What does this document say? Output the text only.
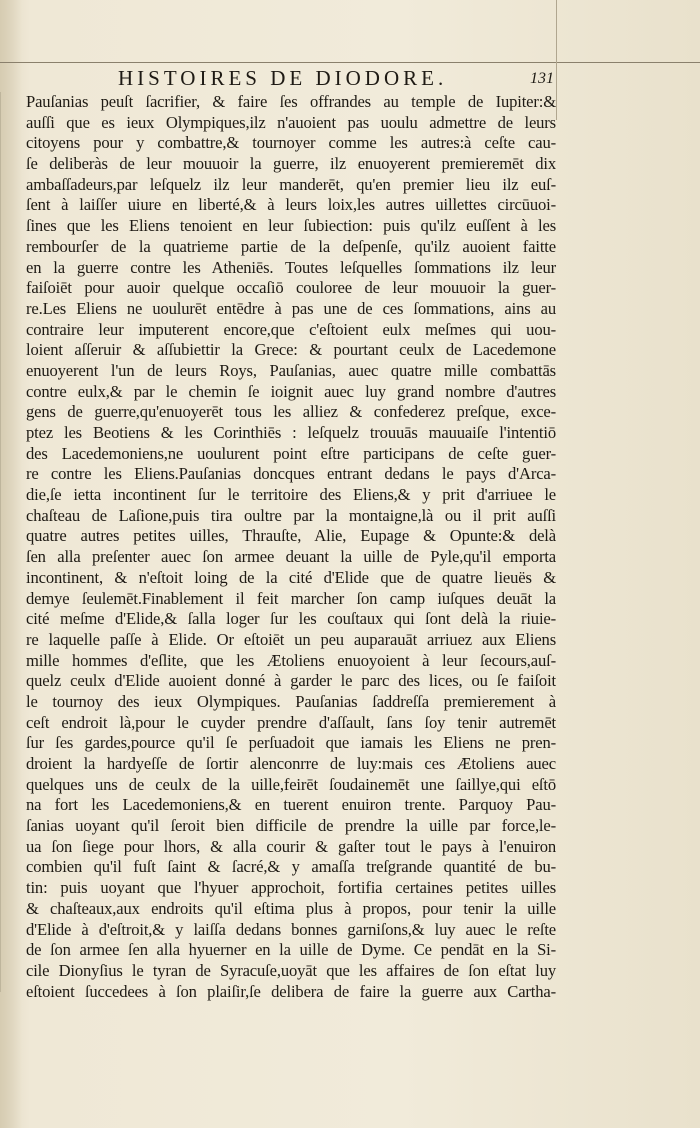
HISTOIRES DE DIODORE.	131
Pauſanias peuſt ſacrifier, & faire ſes offrandes au temple de Iupiter:&
auſſi que es ieux Olympiques,ilz n'auoient pas uoulu admettre de leurs
citoyens pour y combattre,& tournoyer comme les autres:à ceſte cau-
ſe deliberàs de leur mouuoir la guerre, ilz enuoyerent premieremēt dix
ambaſſadeurs,par leſquelz ilz leur manderēt, qu'en premier lieu ilz euſ-
ſent à laiſſer uiure en liberté,& à leurs loix,les autres uillettes circūuoi-
ſines que les Eliens tenoient en leur ſubiection: puis qu'ilz euſſent à les
rembourſer de la quatrieme partie de la deſpenſe, qu'ilz auoient faitte
en la guerre contre les Atheniēs. Toutes leſquelles ſommations ilz leur
faiſoiēt pour auoir quelque occaſiō couloree de leur mouuoir la guer-
re.Les Eliens ne uoulurēt entēdre à pas une de ces ſommations, ains au
contraire leur imputerent encore,que c'eſtoient eulx meſmes qui uou-
loient aſſeruir & aſſubiettir la Grece: & pourtant ceulx de Lacedemone
enuoyerent l'un de leurs Roys, Pauſanias, auec quatre mille combattās
contre eulx,& par le chemin ſe ioignit auec luy grand nombre d'autres
gens de guerre,qu'enuoyerēt tous les alliez & confederez preſque, exce-
ptez les Beotiens & les Corinthiēs : leſquelz trouuās mauuaiſe l'intentiō
des Lacedemoniens,ne uoulurent point eſtre participans de ceſte guer-
re contre les Eliens.Pauſanias doncques entrant dedans le pays d'Arca-
die,ſe ietta incontinent ſur le territoire des Eliens,& y prit d'arriuee le
chaſteau de Laſione,puis tira oultre par la montaigne,là ou il prit auſſi
quatre autres petites uilles, Thrauſte, Alie, Eupage & Opunte:& delà
ſen alla preſenter auec ſon armee deuant la uille de Pyle,qu'il emporta
incontinent, & n'eſtoit loing de la cité d'Elide que de quatre lieuës &
demye ſeulemēt.Finablement il feit marcher ſon camp iuſques deuāt la
cité meſme d'Elide,& ſalla loger ſur les couſtaux qui ſont delà la riuie-
re laquelle paſſe à Elide. Or eſtoiēt un peu auparauāt arriuez aux Eliens
mille hommes d'eſlite, que les Ætoliens enuoyoient à leur ſecours,auſ-
quelz ceulx d'Elide auoient donné à garder le parc des lices, ou ſe faiſoit
le tournoy des ieux Olympiques. Pauſanias ſaddreſſa premierement à
ceſt endroit là,pour le cuyder prendre d'aſſault, ſans ſoy tenir autremēt
ſur ſes gardes,pource qu'il ſe perſuadoit que iamais les Eliens ne pren-
droient la hardyeſſe de ſortir alenconrre de luy:mais ces Ætoliens auec
quelques uns de ceulx de la uille,feirēt ſoudainemēt une ſaillye,qui eſtō
na fort les Lacedemoniens,& en tuerent enuiron trente. Parquoy Pau-
ſanias uoyant qu'il ſeroit bien difficile de prendre la uille par force,le-
ua ſon ſiege pour lhors, & alla courir & gaſter tout le pays à l'enuiron
combien qu'il fuſt ſaint & ſacré,& y amaſſa treſgrande quantité de bu-
tin: puis uoyant que l'hyuer approchoit, fortifia certaines petites uilles
& chaſteaux,aux endroits qu'il eſtima plus à propos, pour tenir la uille
d'Elide à d'eſtroit,& y laiſſa dedans bonnes garniſons,& luy auec le reſte
de ſon armee ſen alla hyuerner en la uille de Dyme. Ce pendāt en la Si-
cile Dionyſius le tyran de Syracuſe,uoyāt que les affaires de ſon eſtat luy
eſtoient ſuccedees à ſon plaiſir,ſe delibera de faire la guerre aux Cartha-
